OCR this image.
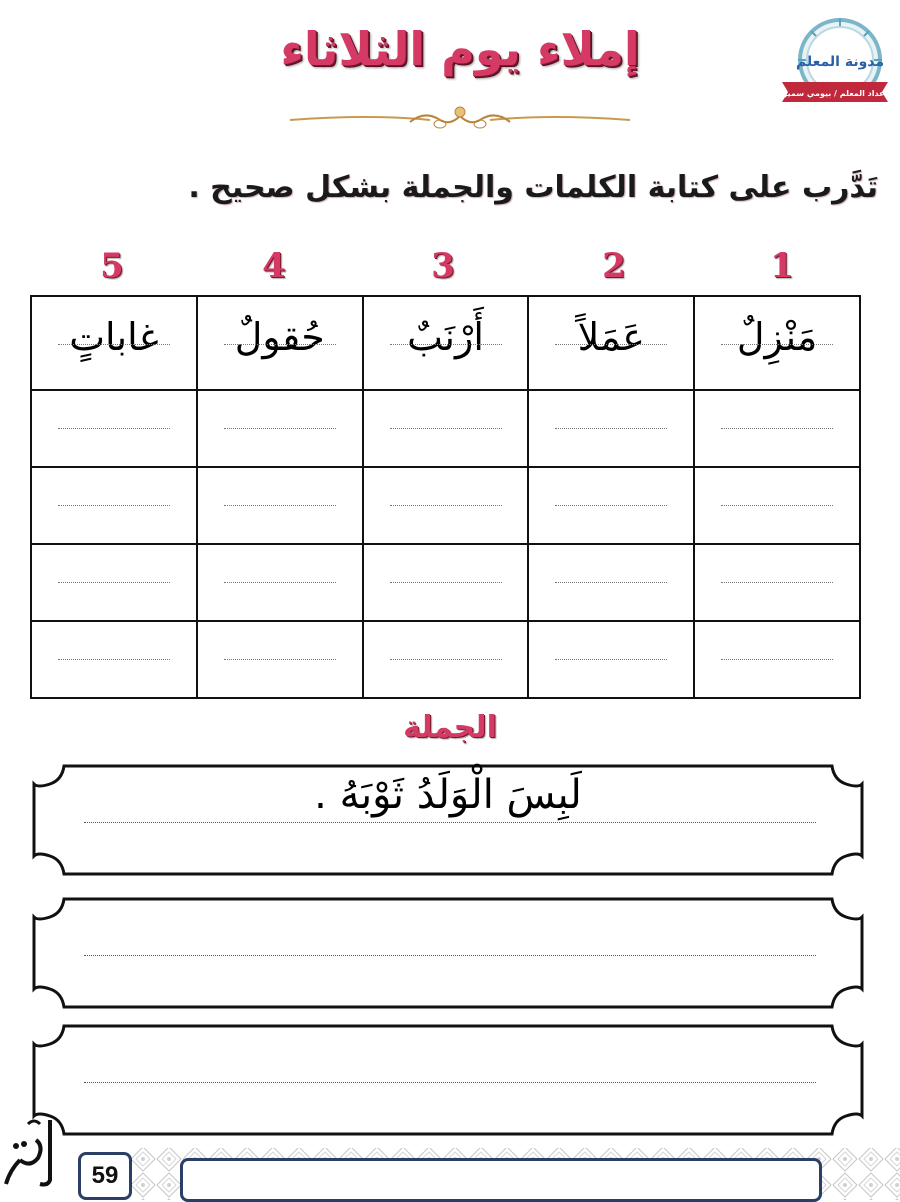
مدونة المعلم
إعداد المعلم / بيومي سمير
إملاء يوم الثلاثاء
تَدَّرب على كتابة الكلمات والجملة بشكل صحيح .
1
2
3
4
5
مَنْزِلٌ	عَمَلاً	أَرْنَبٌ	حُقولٌ	غاباتٍ

الجملة
لَبِسَ الْوَلَدُ ثَوْبَهُ .
59
